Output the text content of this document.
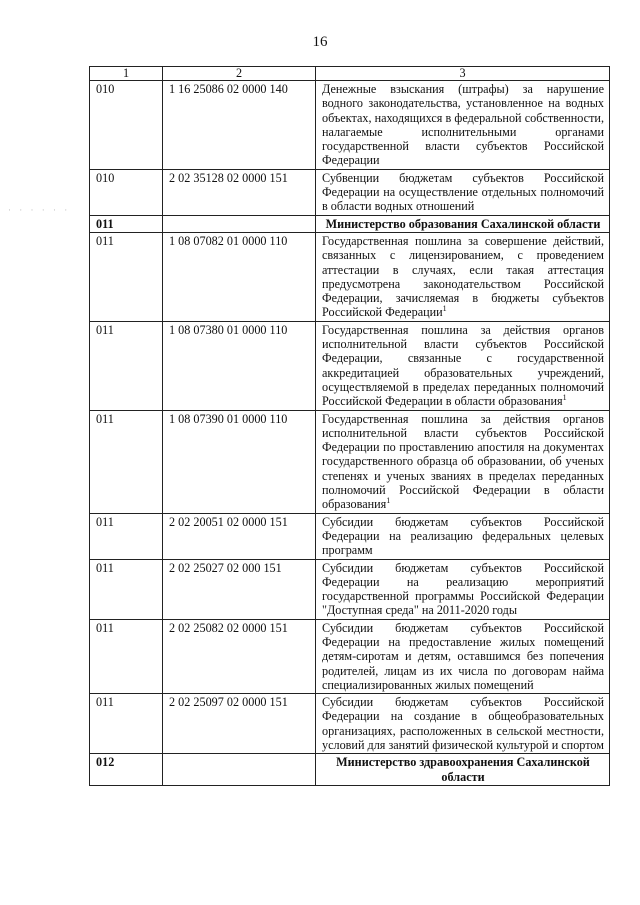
16
· · · · · ·
1	2	3
010	1 16 25086 02 0000 140	Денежные взыскания (штрафы) за нарушение водного законодательства, установленное на водных объектах, находящихся в федеральной собственности, налагаемые исполнительными органами государственной власти субъектов Российской Федерации
010	2 02 35128 02 0000 151	Субвенции бюджетам субъектов Российской Федерации на осуществление отдельных полномочий в области водных отношений
011		Министерство образования Сахалинской области
011	1 08 07082 01 0000 110	Государственная пошлина за совершение действий, связанных с лицензированием, с проведением аттестации в случаях, если такая аттестация предусмотрена законодательством Российской Федерации, зачисляемая в бюджеты субъектов Российской Федерации$^1$
011	1 08 07380 01 0000 110	Государственная пошлина за действия органов исполнительной власти субъектов Российской Федерации, связанные с государственной аккредитацией образовательных учреждений, осуществляемой в пределах переданных полномочий Российской Федерации в области образования$^1$
011	1 08 07390 01 0000 110	Государственная пошлина за действия органов исполнительной власти субъектов Российской Федерации по проставлению апостиля на документах государственного образца об образовании, об ученых степенях и ученых званиях в пределах переданных полномочий Российской Федерации в области образования$^1$
011	2 02 20051 02 0000 151	Субсидии бюджетам субъектов Российской Федерации на реализацию федеральных целевых программ
011	2 02 25027 02 000 151	Субсидии бюджетам субъектов Российской Федерации на реализацию мероприятий государственной программы Российской Федерации "Доступная среда" на 2011-2020 годы
011	2 02 25082 02 0000 151	Субсидии бюджетам субъектов Российской Федерации на предоставление жилых помещений детям-сиротам и детям, оставшимся без попечения родителей, лицам из их числа по договорам найма специализированных жилых помещений
011	2 02 25097 02 0000 151	Субсидии бюджетам субъектов Российской Федерации на создание в общеобразовательных организациях, расположенных в сельской местности, условий для занятий физической культурой и спортом
012		Министерство здравоохранения Сахалинской области
